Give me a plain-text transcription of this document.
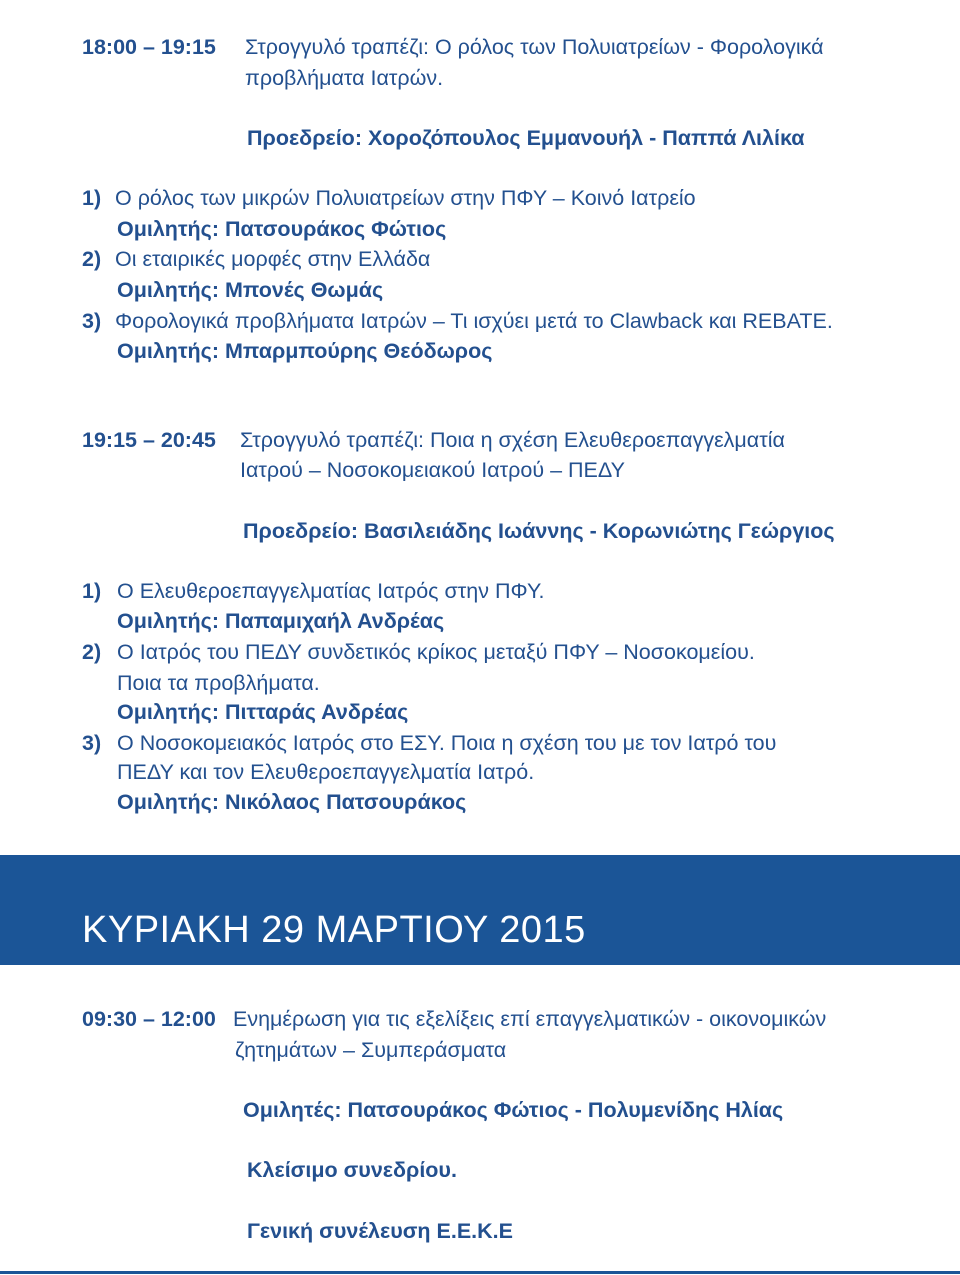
18:00 – 19:15 Στρογγυλό τραπέζι: Ο ρόλος των Πολυιατρείων - Φορολογικά
προβλήματα Ιατρών.
Προεδρείο: Χοροζόπουλος Εμμανουήλ - Παππά Λιλίκα
1) Ο ρόλος των μικρών Πολυιατρείων στην ΠΦΥ – Κοινό Ιατρείο
Ομιλητής: Πατσουράκος Φώτιος
2) Οι εταιρικές μορφές στην Ελλάδα
Ομιλητής: Μπονές Θωμάς
3) Φορολογικά προβλήματα Ιατρών – Τι ισχύει μετά το Clawback και REBATE.
Ομιλητής: Μπαρμπούρης Θεόδωρος
19:15 – 20:45 Στρογγυλό τραπέζι: Ποια η σχέση Ελευθεροεπαγγελματία
Ιατρού – Νοσοκομειακού Ιατρού – ΠΕΔΥ
Προεδρείο: Βασιλειάδης Ιωάννης - Κορωνιώτης Γεώργιος
1) Ο Ελευθεροεπαγγελματίας Ιατρός στην ΠΦΥ.
Ομιλητής: Παπαμιχαήλ Ανδρέας
2) Ο Ιατρός του ΠΕΔΥ συνδετικός κρίκος μεταξύ ΠΦΥ – Νοσοκομείου.
Ποια τα προβλήματα.
Ομιλητής: Πιτταράς Ανδρέας
3) Ο Νοσοκομειακός Ιατρός στο ΕΣΥ. Ποια η σχέση του με τον Ιατρό του
ΠΕΔΥ και τον Ελευθεροεπαγγελματία Ιατρό.
Ομιλητής: Νικόλαος Πατσουράκος
ΚΥΡΙΑΚΗ 29 ΜΑΡΤΙΟΥ 2015
09:30 – 12:00 Ενημέρωση για τις εξελίξεις επί επαγγελματικών - οικονομικών
ζητημάτων – Συμπεράσματα
Ομιλητές: Πατσουράκος Φώτιος - Πολυμενίδης Ηλίας
Κλείσιμο συνεδρίου.
Γενική συνέλευση Ε.Ε.Κ.Ε
